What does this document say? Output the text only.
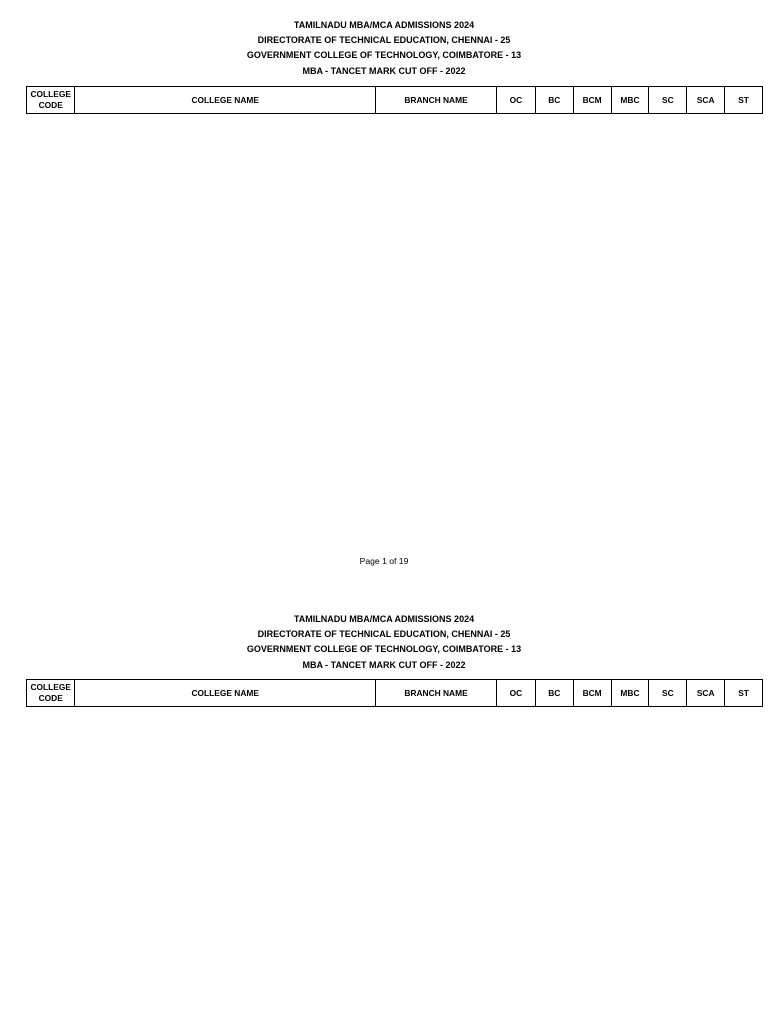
TAMILNADU MBA/MCA ADMISSIONS 2024
DIRECTORATE OF TECHNICAL EDUCATION, CHENNAI - 25
GOVERNMENT COLLEGE OF TECHNOLOGY, COIMBATORE - 13
MBA - TANCET MARK CUT OFF - 2022
COLLEGE CODE	COLLEGE NAME	BRANCH NAME	OC	BC	BCM	MBC	SC	SCA	ST
Page 1 of 19
TAMILNADU MBA/MCA ADMISSIONS 2024
DIRECTORATE OF TECHNICAL EDUCATION, CHENNAI - 25
GOVERNMENT COLLEGE OF TECHNOLOGY, COIMBATORE - 13
MBA - TANCET MARK CUT OFF - 2022
COLLEGE CODE	COLLEGE NAME	BRANCH NAME	OC	BC	BCM	MBC	SC	SCA	ST
